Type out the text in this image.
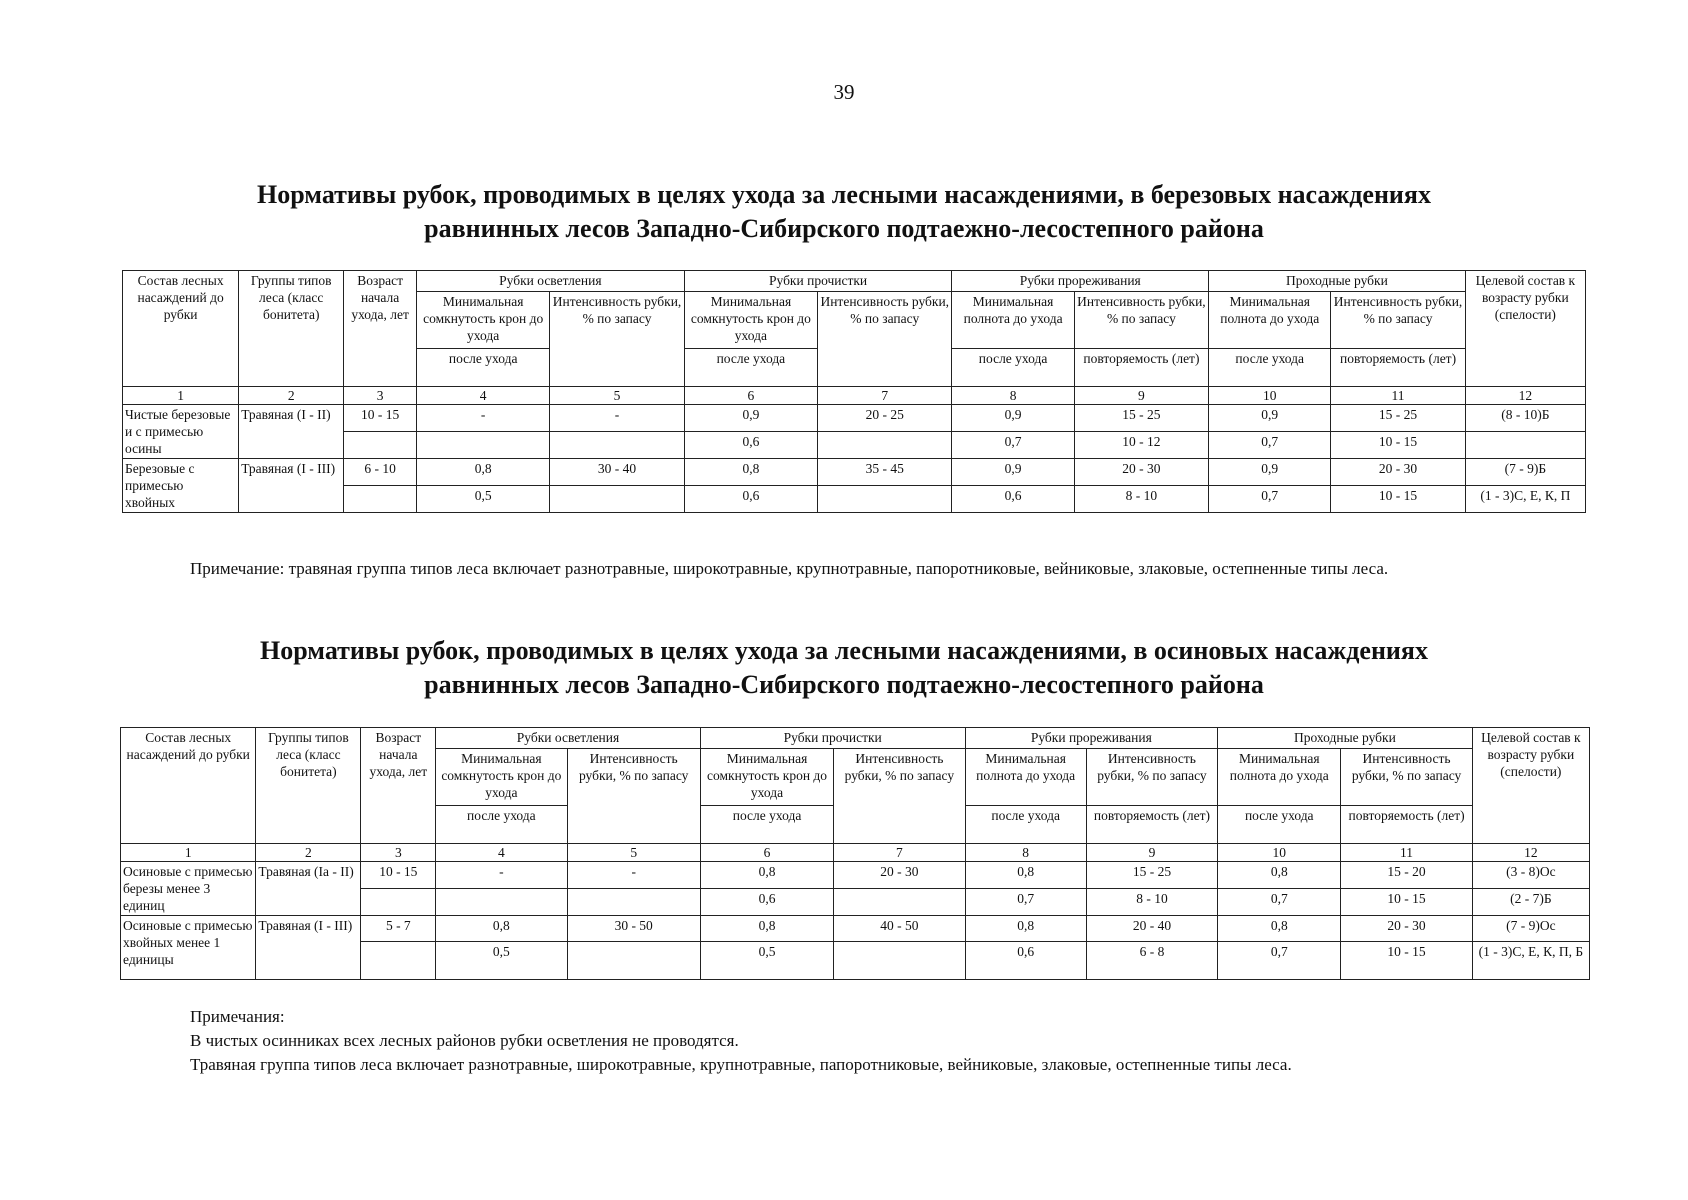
39
Нормативы рубок, проводимых в целях ухода за лесными насаждениями, в березовых насаждениях
равнинных лесов Западно-Сибирского подтаежно-лесостепного района
Состав лесных насаждений до рубки	Группы типов леса (класс бонитета)	Возраст начала ухода, лет	Рубки осветления		Рубки прочистки		Рубки прореживания		Проходные рубки		Целевой состав к возрасту рубки (спелости)
			Минимальная сомкнутость крон до ухода	Интенсивность рубки, % по запасу	Минимальная сомкнутость крон до ухода	Интенсивность рубки, % по запасу	Минимальная полнота до ухода	Интенсивность рубки, % по запасу	Минимальная полнота до ухода	Интенсивность рубки, % по запасу	
			после ухода		после ухода		после ухода	повторяемость (лет)	после ухода	повторяемость (лет)	
1	2	3	4	5	6	7	8	9	10	11	12
Чистые березовые и с примесью осины	Травяная (I - II)	10 - 15	-	-	0,9	20 - 25	0,9	15 - 25	0,9	15 - 25	(8 - 10)Б
					0,6		0,7	10 - 12	0,7	10 - 15	
Березовые с примесью хвойных	Травяная (I - III)	6 - 10	0,8	30 - 40	0,8	35 - 45	0,9	20 - 30	0,9	20 - 30	(7 - 9)Б
			0,5		0,6		0,6	8 - 10	0,7	10 - 15	(1 - 3)С, Е, К, П
Примечание: травяная группа типов леса включает разнотравные, широкотравные, крупнотравные, папоротниковые, вейниковые, злаковые, остепненные типы леса.
Нормативы рубок, проводимых в целях ухода за лесными насаждениями, в осиновых насаждениях
равнинных лесов Западно-Сибирского подтаежно-лесостепного района
Состав лесных насаждений до рубки	Группы типов леса (класс бонитета)	Возраст начала ухода, лет	Рубки осветления		Рубки прочистки		Рубки прореживания		Проходные рубки		Целевой состав к возрасту рубки (спелости)
			Минимальная сомкнутость крон до ухода	Интенсивность рубки, % по запасу	Минимальная сомкнутость крон до ухода	Интенсивность рубки, % по запасу	Минимальная полнота до ухода	Интенсивность рубки, % по запасу	Минимальная полнота до ухода	Интенсивность рубки, % по запасу	
			после ухода		после ухода		после ухода	повторяемость (лет)	после ухода	повторяемость (лет)	
1	2	3	4	5	6	7	8	9	10	11	12
Осиновые с примесью березы менее 3 единиц	Травяная (Iа - II)	10 - 15	-	-	0,8	20 - 30	0,8	15 - 25	0,8	15 - 20	(3 - 8)Ос
					0,6		0,7	8 - 10	0,7	10 - 15	(2 - 7)Б
Осиновые с примесью хвойных менее 1 единицы	Травяная (I - III)	5 - 7	0,8	30 - 50	0,8	40 - 50	0,8	20 - 40	0,8	20 - 30	(7 - 9)Ос
			0,5		0,5		0,6	6 - 8	0,7	10 - 15	(1 - 3)С, Е, К, П, Б
Примечания:
В чистых осинниках всех лесных районов рубки осветления не проводятся.
Травяная группа типов леса включает разнотравные, широкотравные, крупнотравные, папоротниковые, вейниковые, злаковые, остепненные типы леса.
